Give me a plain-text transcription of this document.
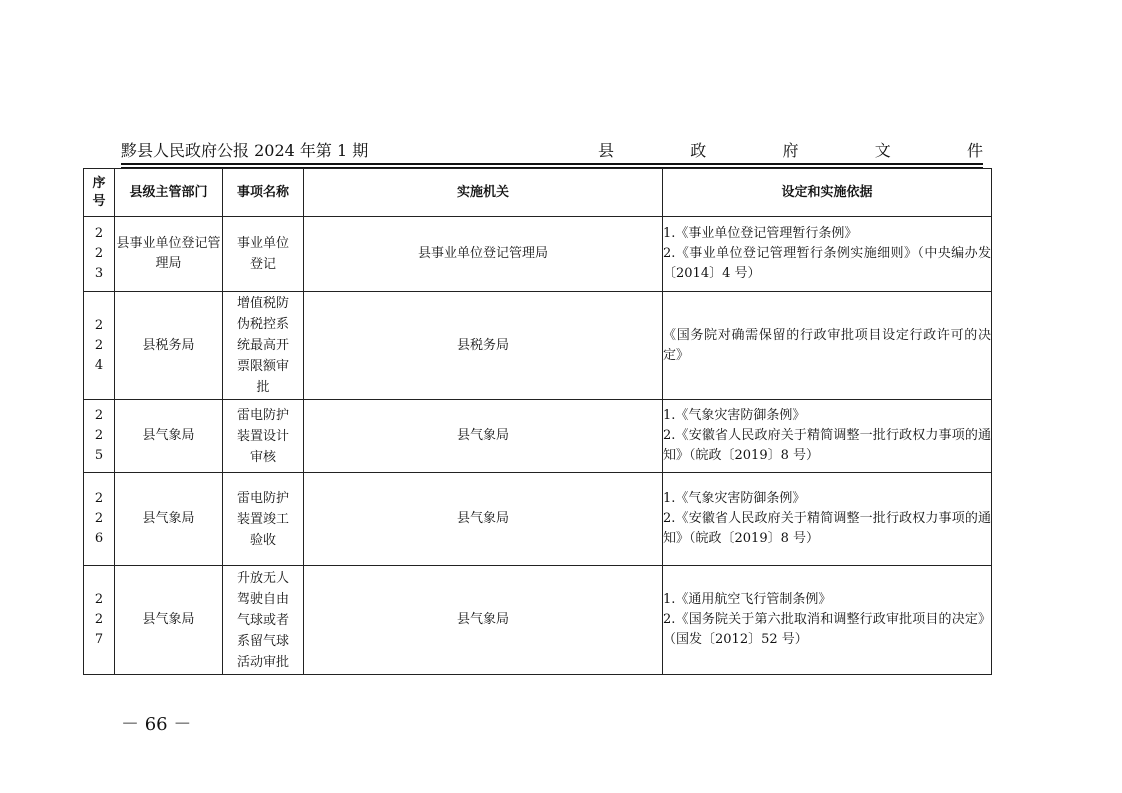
黟县人民政府公报 2024 年第 1 期	县	政	府	文	件
序号	县级主管部门	事项名称	实施机关	设定和实施依据

223	县事业单位登记管理局	事业单位登记	县事业单位登记管理局	1.《事业单位登记管理暂行条例》
2.《事业单位登记管理暂行条例实施细则》（中央编办发〔2014〕4 号）

224	县税务局	增值税防伪税控系统最高开票限额审批	县税务局	《国务院对确需保留的行政审批项目设定行政许可的决定》

225	县气象局	雷电防护装置设计审核	县气象局	1.《气象灾害防御条例》
2.《安徽省人民政府关于精简调整一批行政权力事项的通知》（皖政〔2019〕8 号）

226	县气象局	雷电防护装置竣工验收	县气象局	1.《气象灾害防御条例》
2.《安徽省人民政府关于精简调整一批行政权力事项的通知》（皖政〔2019〕8 号）

227	县气象局	升放无人驾驶自由气球或者系留气球活动审批	县气象局	1.《通用航空飞行管制条例》
2.《国务院关于第六批取消和调整行政审批项目的决定》（国发〔2012〕52 号）
－ 66 －
